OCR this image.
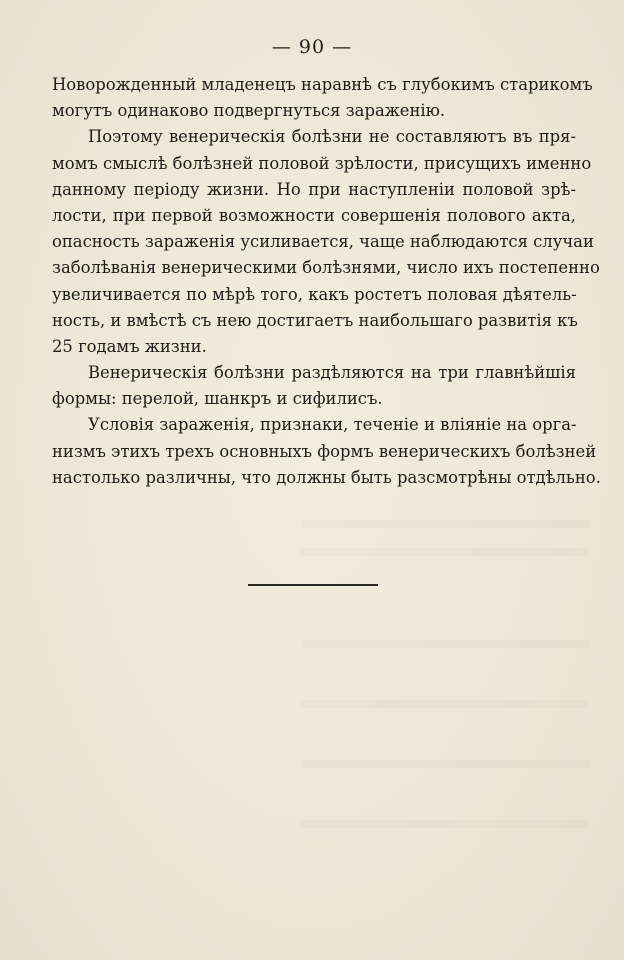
— 90 —
Новорожденный младенецъ наравнѣ съ глубокимъ старикомъ
могутъ одинаково подвергнуться зараженію.
Поэтому венерическія болѣзни не составляютъ въ пря-
момъ смыслѣ болѣзней половой зрѣлости, присущихъ именно
данному періоду жизни. Но при наступленіи половой зрѣ-
лости, при первой возможности совершенія полового акта,
опасность зараженія усиливается, чаще наблюдаются случаи
заболѣванія венерическими болѣзнями, число ихъ постепенно
увеличивается по мѣрѣ того, какъ ростетъ половая дѣятель-
ность, и вмѣстѣ съ нею достигаетъ наибольшаго развитія къ
25 годамъ жизни.
Венерическія болѣзни раздѣляются на три главнѣйшія
формы: перелой, шанкръ и сифилисъ.
Условія зараженія, признаки, теченіе и вліяніе на орга-
низмъ этихъ трехъ основныхъ формъ венерическихъ болѣзней
настолько различны, что должны быть разсмотрѣны отдѣльно.
